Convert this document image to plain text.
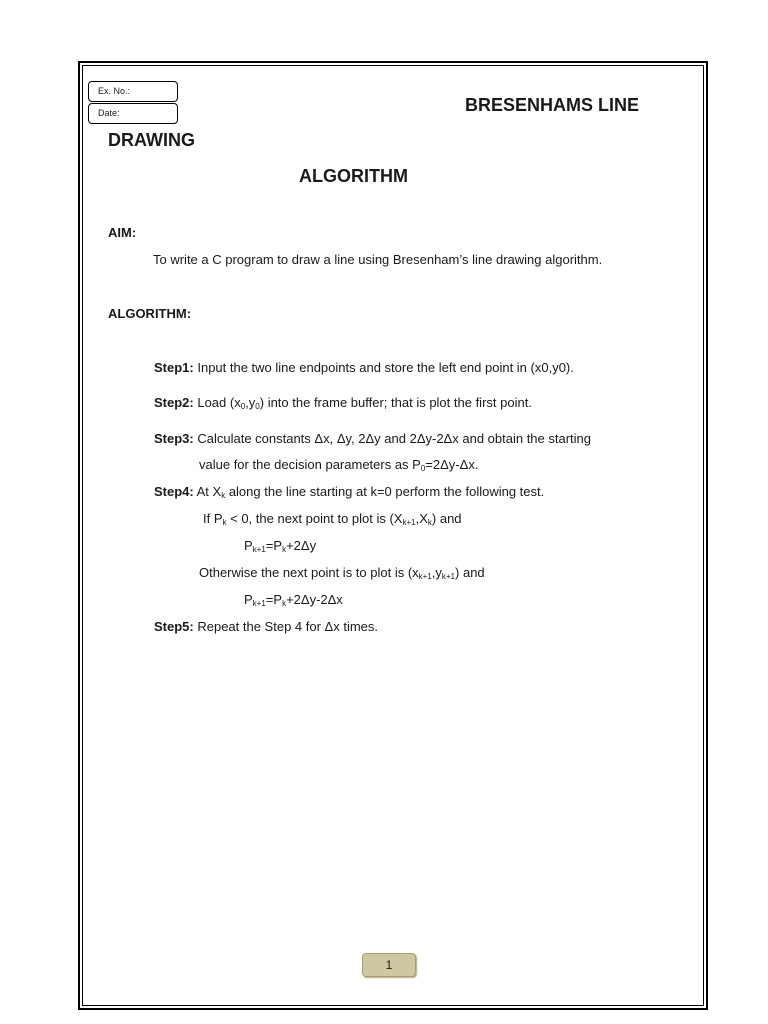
Ex. No.:
Date:	BRESENHAMS LINE
DRAWING
ALGORITHM
AIM:
To write a C program to draw a line using Bresenham’s line drawing algorithm.
ALGORITHM:
Step1: Input the two line endpoints and store the left end point in (x0,y0).
Step2: Load $(x_0,y_0)$ into the frame buffer; that is plot the first point.
Step3: Calculate constants Δx, Δy, 2Δy and 2Δy-2Δx and obtain the starting
value for the decision parameters as $P_0=2\Delta y-\Delta x$.
Step4: At $X_k$ along the line starting at k=0 perform the following test.
If $P_k < 0$, the next point to plot is $(X_{k+1},X_k)$ and
$P_{k+1}=P_k+2\Delta y$
Otherwise the next point is to plot is $(x_{k+1},y_{k+1})$ and
$P_{k+1}=P_k+2\Delta y-2\Delta x$
Step5: Repeat the Step 4 for Δx times.
1
